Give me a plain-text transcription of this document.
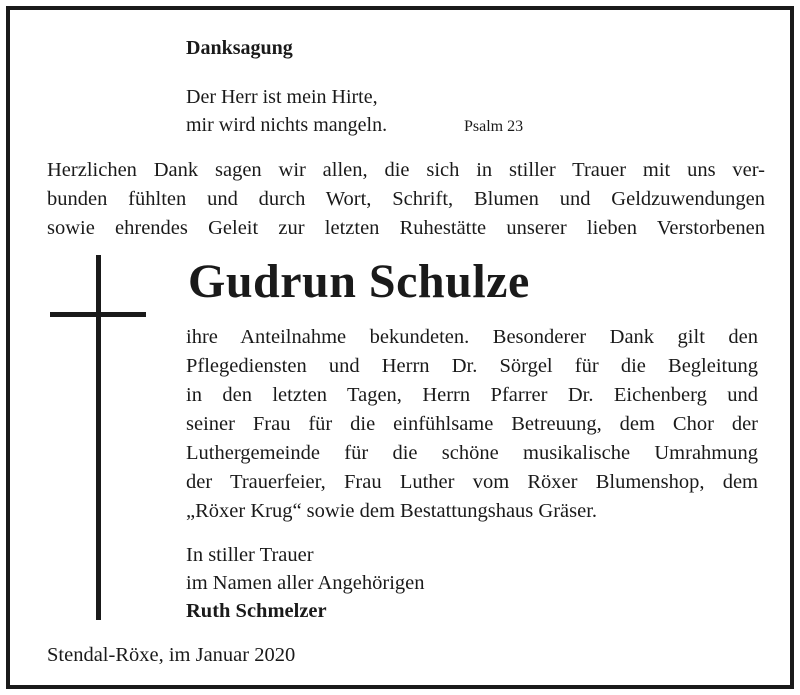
Danksagung
Der Herr ist mein Hirte,
mir wird nichts mangeln.	Psalm 23
Herzlichen Dank sagen wir allen, die sich in stiller Trauer mit uns ver-
bunden fühlten und durch Wort, Schrift, Blumen und Geldzuwendungen
sowie ehrendes Geleit zur letzten Ruhestätte unserer lieben Verstorbenen
Gudrun Schulze
ihre Anteilnahme bekundeten. Besonderer Dank gilt den
Pflegediensten und Herrn Dr. Sörgel für die Begleitung
in den letzten Tagen, Herrn Pfarrer Dr. Eichenberg und
seiner Frau für die einfühlsame Betreuung, dem Chor der
Luthergemeinde für die schöne musikalische Umrahmung
der Trauerfeier, Frau Luther vom Röxer Blumenshop, dem
„Röxer Krug“ sowie dem Bestattungshaus Gräser.
In stiller Trauer
im Namen aller Angehörigen
Ruth Schmelzer
Stendal-Röxe, im Januar 2020
